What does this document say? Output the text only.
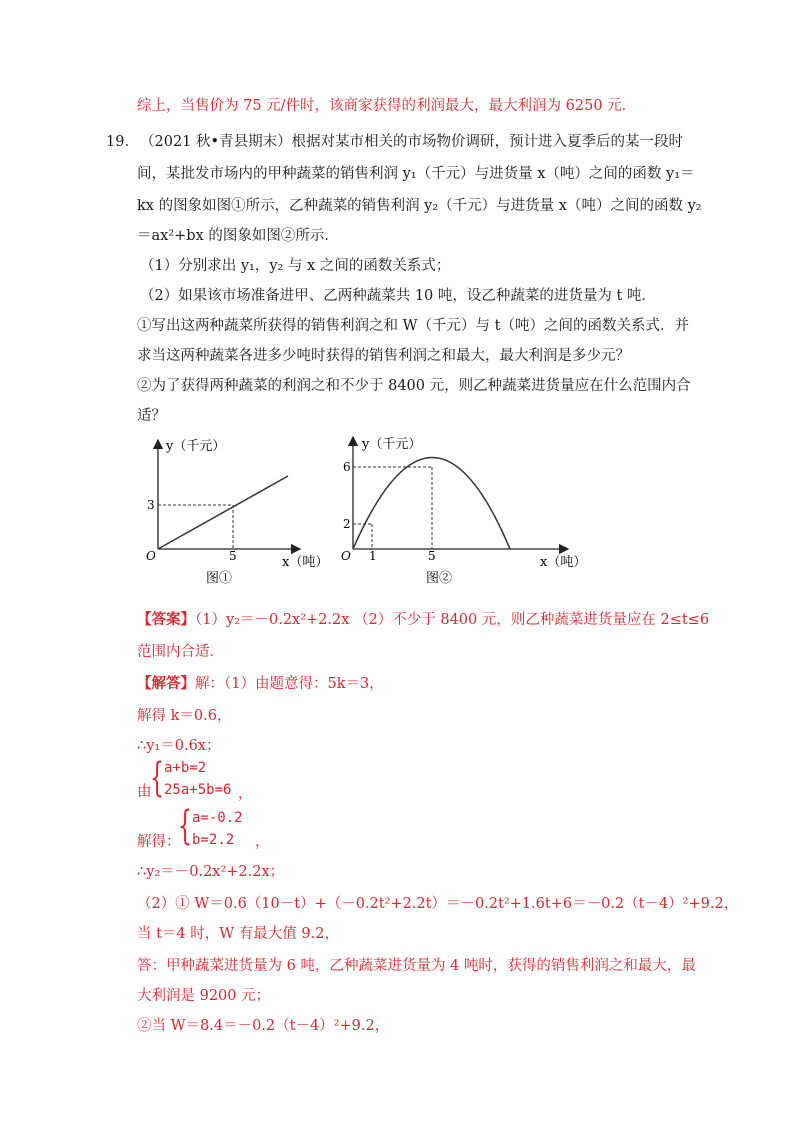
综上，当售价为 75 元/件时，该商家获得的利润最大，最大利润为 6250 元．
19. （2021 秋•青县期末）根据对某市相关的市场物价调研，预计进入夏季后的某一段时
间，某批发市场内的甲种蔬菜的销售利润 y₁（千元）与进货量 x（吨）之间的函数 y₁＝
kx 的图象如图①所示，乙种蔬菜的销售利润 y₂（千元）与进货量 x（吨）之间的函数 y₂
＝ax²+bx 的图象如图②所示．
（1）分别求出 y₁，y₂ 与 x 之间的函数关系式；
（2）如果该市场准备进甲、乙两种蔬菜共 10 吨，设乙种蔬菜的进货量为 t 吨．
①写出这两种蔬菜所获得的销售利润之和 W（千元）与 t（吨）之间的函数关系式．并
求当这两种蔬菜各进多少吨时获得的销售利润之和最大，最大利润是多少元？
②为了获得两种蔬菜的利润之和不少于 8400 元，则乙种蔬菜进货量应在什么范围内合
适？
y（千元）
3
O	5	x（吨）
图①
y（千元）
6
2
O 1	5	x（吨）
图②
【答案】（1）y₂＝－0.2x²+2.2x （2）不少于 8400 元，则乙种蔬菜进货量应在 2≤t≤6
范围内合适．
【解答】解：（1）由题意得：5k＝3，
解得 k＝0.6，
∴y₁＝0.6x；
由
{ a+b=2
25a+5b=6 ，
解得：
{ a=-0.2
b=2.2 ，
∴y₂＝－0.2x²+2.2x；
（2）① W＝0.6（10－t）+（－0.2t²+2.2t）＝－0.2t²+1.6t+6＝－0.2（t－4）²+9.2，
当 t＝4 时，W 有最大值 9.2，
答：甲种蔬菜进货量为 6 吨，乙种蔬菜进货量为 4 吨时，获得的销售利润之和最大，最
大利润是 9200 元；
②当 W＝8.4＝－0.2（t－4）²+9.2，
